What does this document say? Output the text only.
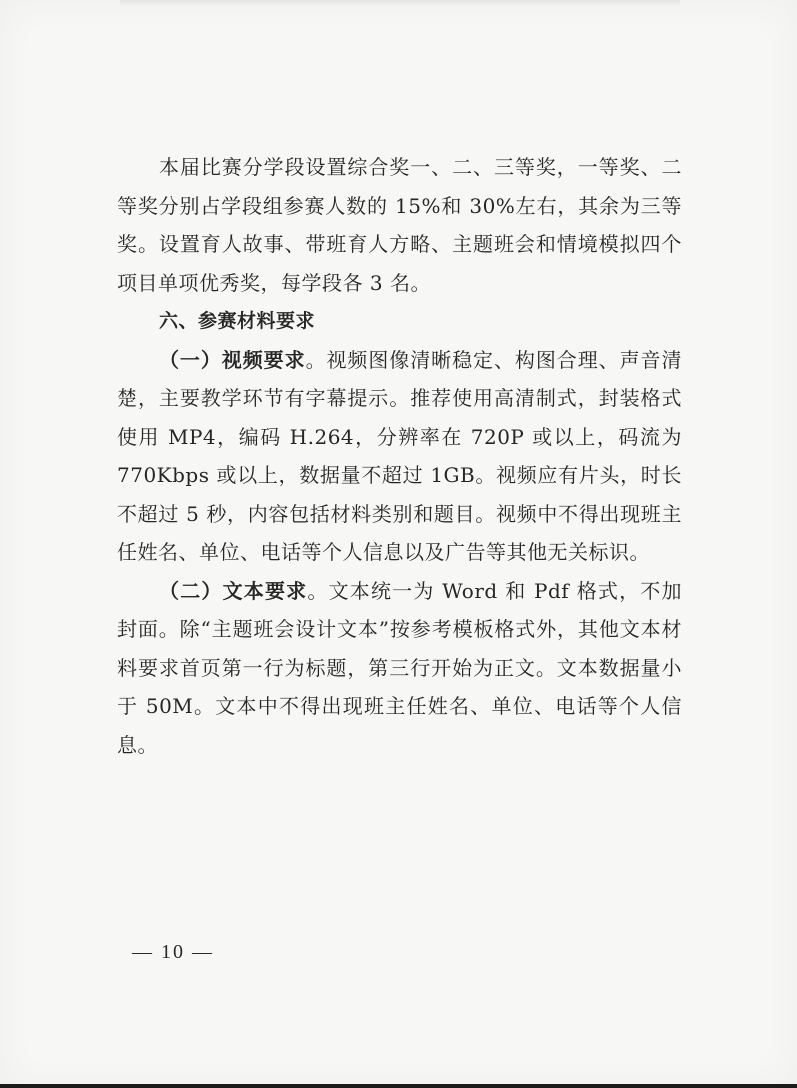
本届比赛分学段设置综合奖一、二、三等奖，一等奖、二等奖分别占学段组参赛人数的 15%和 30%左右，其余为三等奖。设置育人故事、带班育人方略、主题班会和情境模拟四个项目单项优秀奖，每学段各 3 名。

六、参赛材料要求

（一）视频要求。视频图像清晰稳定、构图合理、声音清楚，主要教学环节有字幕提示。推荐使用高清制式，封装格式使用 MP4，编码 H.264，分辨率在 720P 或以上，码流为 770Kbps 或以上，数据量不超过 1GB。视频应有片头，时长不超过 5 秒，内容包括材料类别和题目。视频中不得出现班主任姓名、单位、电话等个人信息以及广告等其他无关标识。

（二）文本要求。文本统一为 Word 和 Pdf 格式，不加封面。除“主题班会设计文本”按参考模板格式外，其他文本材料要求首页第一行为标题，第三行开始为正文。文本数据量小于 50M。文本中不得出现班主任姓名、单位、电话等个人信息。

— 10 —
